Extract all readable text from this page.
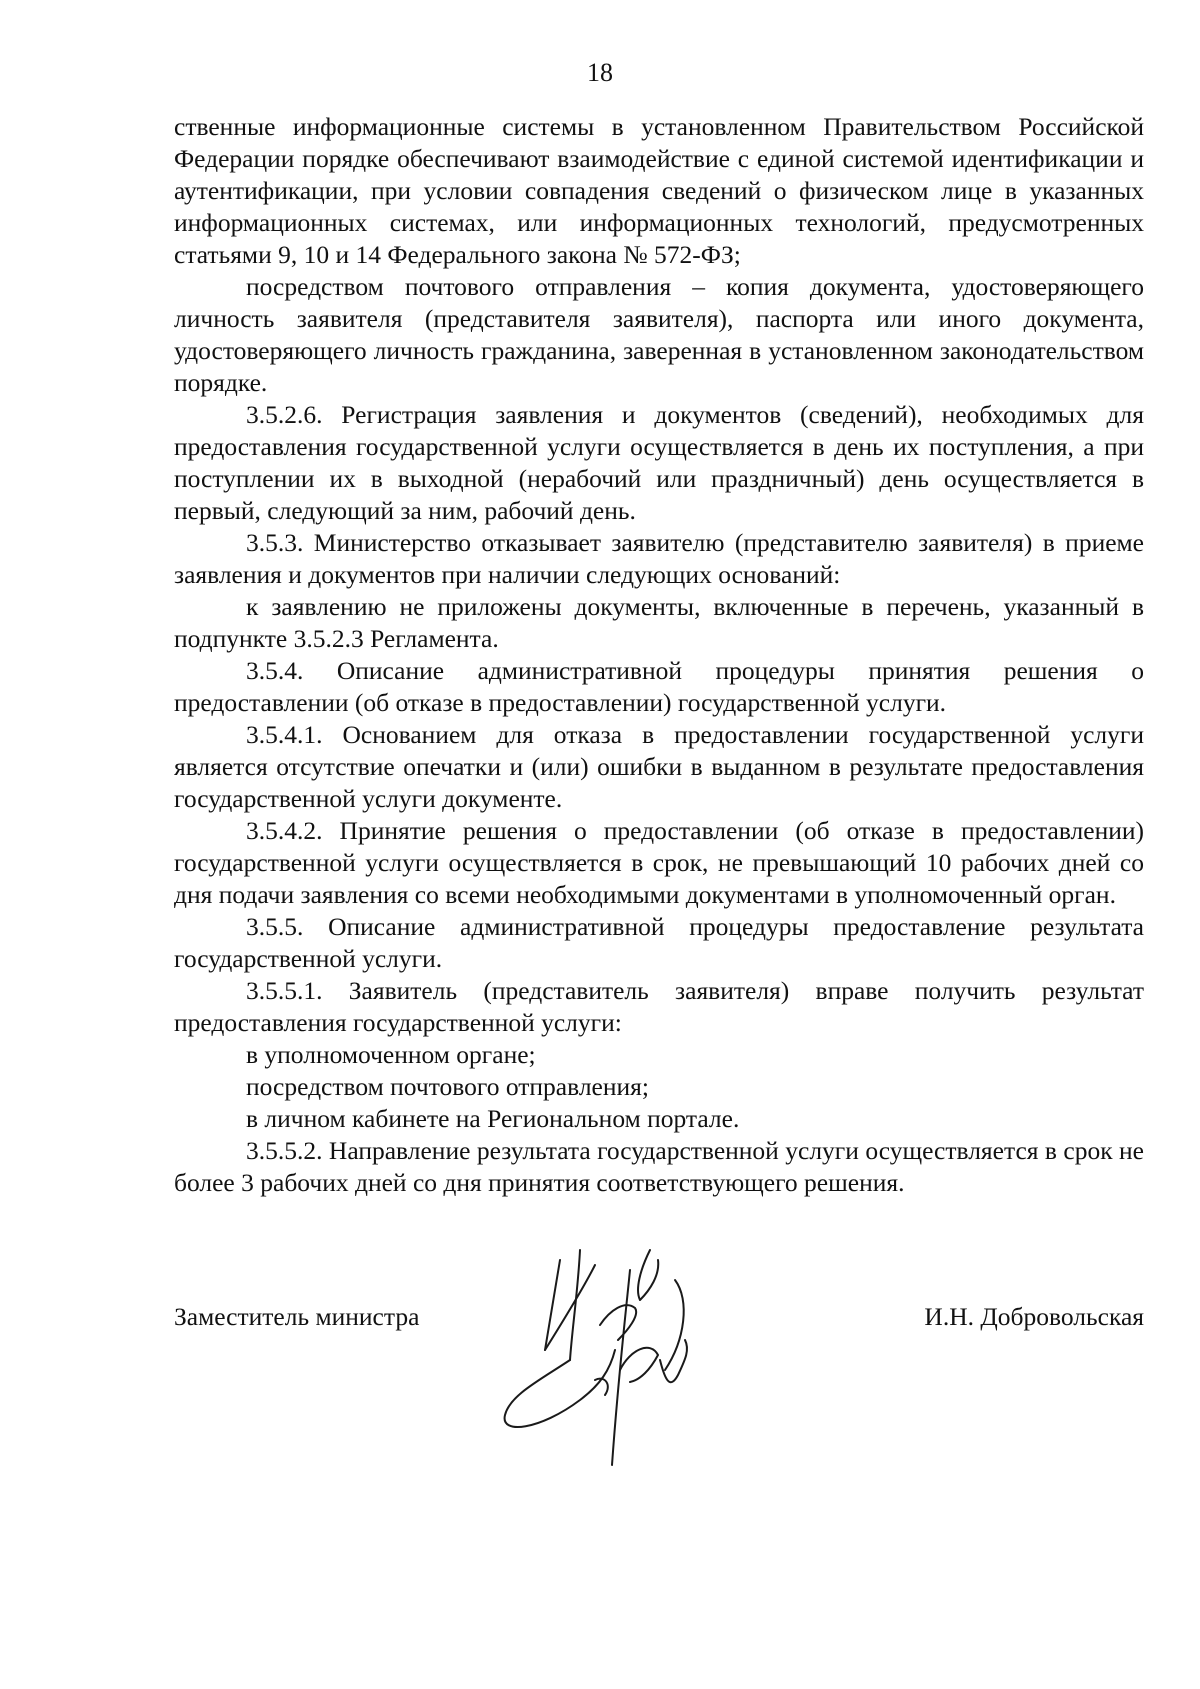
18

ственные информационные системы в установленном Правительством Российской Федерации порядке обеспечивают взаимодействие с единой системой идентификации и аутентификации, при условии совпадения сведений о физическом лице в указанных информационных системах, или информационных технологий, предусмотренных статьями 9, 10 и 14 Федерального закона № 572-ФЗ;

посредством почтового отправления – копия документа, удостоверяющего личность заявителя (представителя заявителя), паспорта или иного документа, удостоверяющего личность гражданина, заверенная в установленном законодательством порядке.

3.5.2.6. Регистрация заявления и документов (сведений), необходимых для предоставления государственной услуги осуществляется в день их поступления, а при поступлении их в выходной (нерабочий или праздничный) день осуществляется в первый, следующий за ним, рабочий день.

3.5.3. Министерство отказывает заявителю (представителю заявителя) в приеме заявления и документов при наличии следующих оснований:

к заявлению не приложены документы, включенные в перечень, указанный в подпункте 3.5.2.3 Регламента.

3.5.4. Описание административной процедуры принятия решения о предоставлении (об отказе в предоставлении) государственной услуги.

3.5.4.1. Основанием для отказа в предоставлении государственной услуги является отсутствие опечатки и (или) ошибки в выданном в результате предоставления государственной услуги документе.

3.5.4.2. Принятие решения о предоставлении (об отказе в предоставлении) государственной услуги осуществляется в срок, не превышающий 10 рабочих дней со дня подачи заявления со всеми необходимыми документами в уполномоченный орган.

3.5.5. Описание административной процедуры предоставление результата государственной услуги.

3.5.5.1. Заявитель (представитель заявителя) вправе получить результат предоставления государственной услуги:

в уполномоченном органе;

посредством почтового отправления;

в личном кабинете на Региональном портале.

3.5.5.2. Направление результата государственной услуги осуществляется в срок не более 3 рабочих дней со дня принятия соответствующего решения.

Заместитель министра	И.Н. Добровольская
